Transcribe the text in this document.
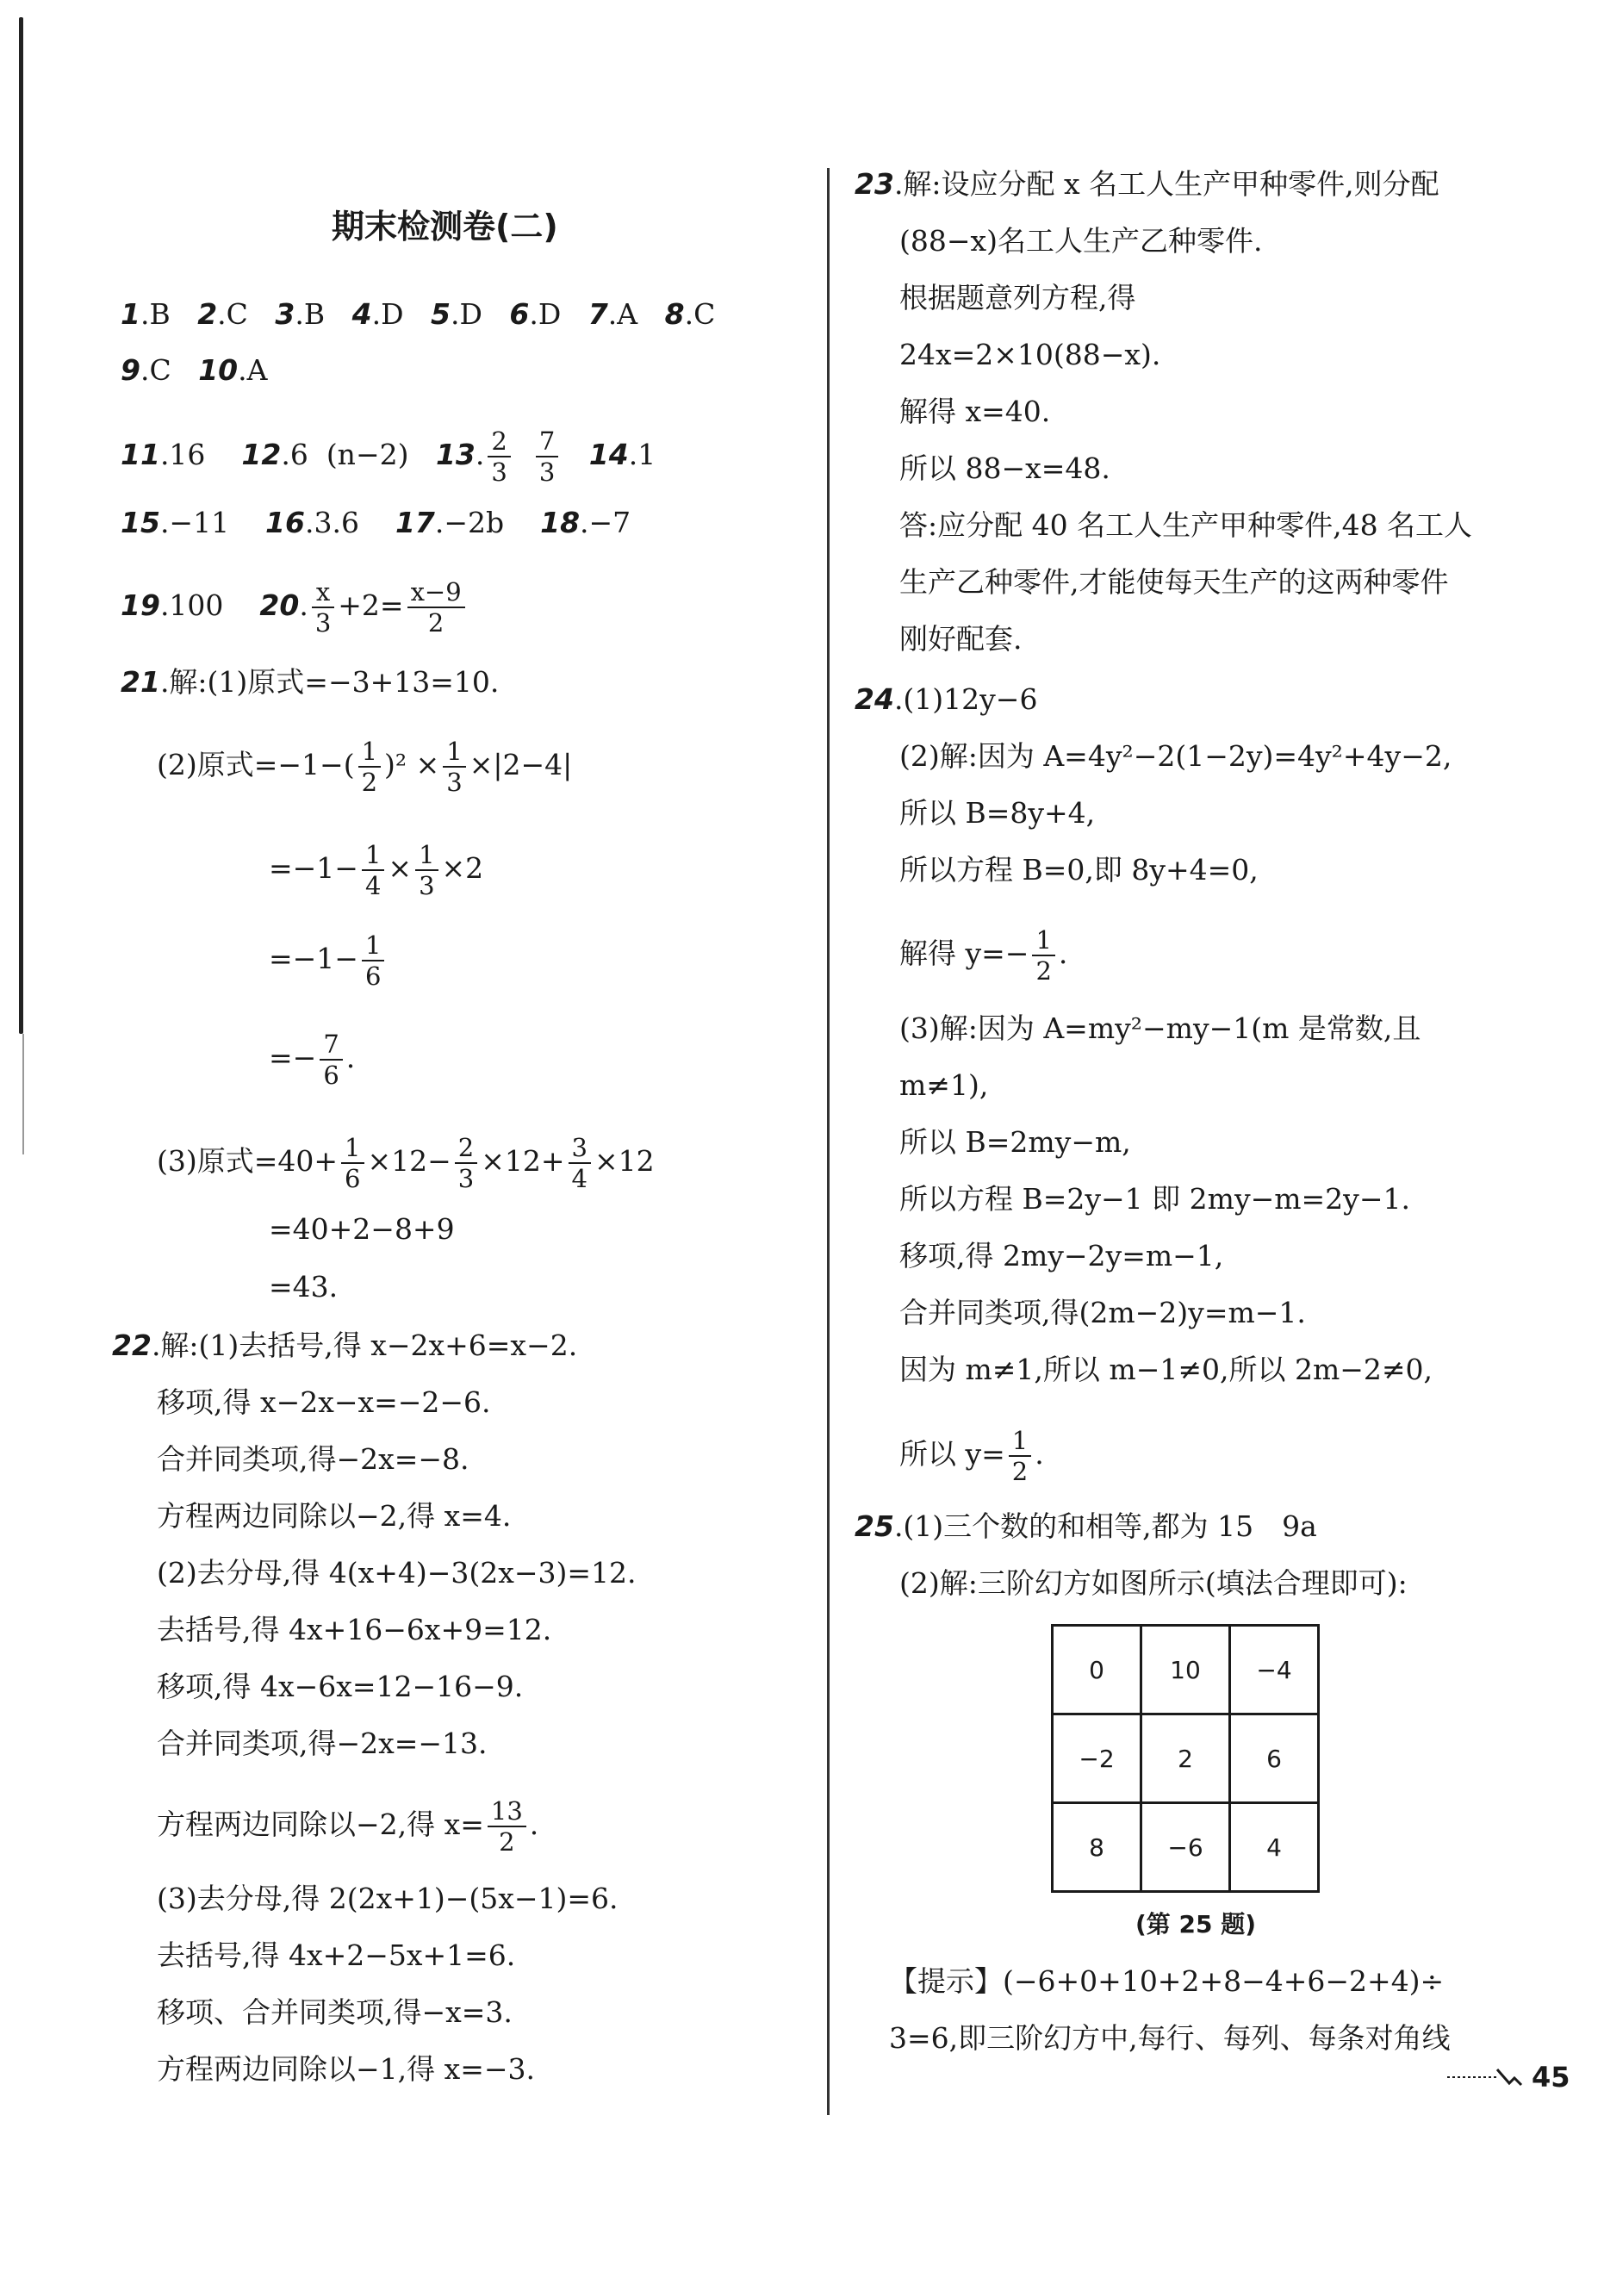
期末检测卷(二)
1.B 2.C 3.B 4.D 5.D 6.D 7.A 8.C
9.C 10.A
11.16 12.6 (n−2) 13. $\frac{2}{3}$
$\frac{7}{3} 14.1$
15.−11 16.3.6 17.−2b 18.−7
19.100 20. $\frac{x}{3} +2= \frac{x-9}{2}$
21.解:(1)原式=−3+13=10.
(2)原式$=-1-( \frac{1}{2} )^2 \times \frac{1}{3} \times|2-4|$
$=-1- \frac{1}{4} \times \frac{1}{3} \times 2$
$=-1- \frac{1}{6}$
=− $\frac{7}{6}$ .
(3)原式$=40+ \frac{1}{6} \times 12- \frac{2}{3} \times 12+ \frac{3}{4} \times 12$
=40+2−8+9
=43.
22.解:(1)去括号,得 x−2x+6=x−2.
移项,得 x−2x−x=−2−6.
合并同类项,得−2x=−8.
方程两边同除以−2,得 x=4.
(2)去分母,得 4(x+4)−3(2x−3)=12.
去括号,得 4x+16−6x+9=12.
移项,得 4x−6x=12−16−9.
合并同类项,得−2x=−13.
方程两边同除以−2,得 $x= \frac{13}{2}$ .
(3)去分母,得 2(2x+1)−(5x−1)=6.
去括号,得 4x+2−5x+1=6.
移项、合并同类项,得−x=3.
方程两边同除以−1,得 x=−3.
23.解:设应分配 x 名工人生产甲种零件,则分配
(88−x)名工人生产乙种零件.
根据题意列方程,得
24x=2×10(88−x).
解得 x=40.
所以 88−x=48.
答:应分配 40 名工人生产甲种零件,48 名工人
生产乙种零件,才能使每天生产的这两种零件
刚好配套.
24.(1)12y−6
(2)解:因为 A=4y²−2(1−2y)=4y²+4y−2,
所以 B=8y+4,
所以方程 B=0,即 8y+4=0,
解得 $y=- \frac{1}{2}$ .
(3)解:因为 A=my²−my−1(m 是常数,且
m≠1),
所以 B=2my−m,
所以方程 B=2y−1 即 2my−m=2y−1.
移项,得 2my−2y=m−1,
合并同类项,得(2m−2)y=m−1.
因为 m≠1,所以 m−1≠0,所以 2m−2≠0,
所以 $y= \frac{1}{2}$ .
25.(1)三个数的和相等,都为 15　9a
(2)解:三阶幻方如图所示(填法合理即可):
0	10	−4
−2	2	6
8	−6	4
(第 25 题)
【提示】(−6+0+10+2+8−4+6−2+4)÷
3=6,即三阶幻方中,每行、每列、每条对角线
45
